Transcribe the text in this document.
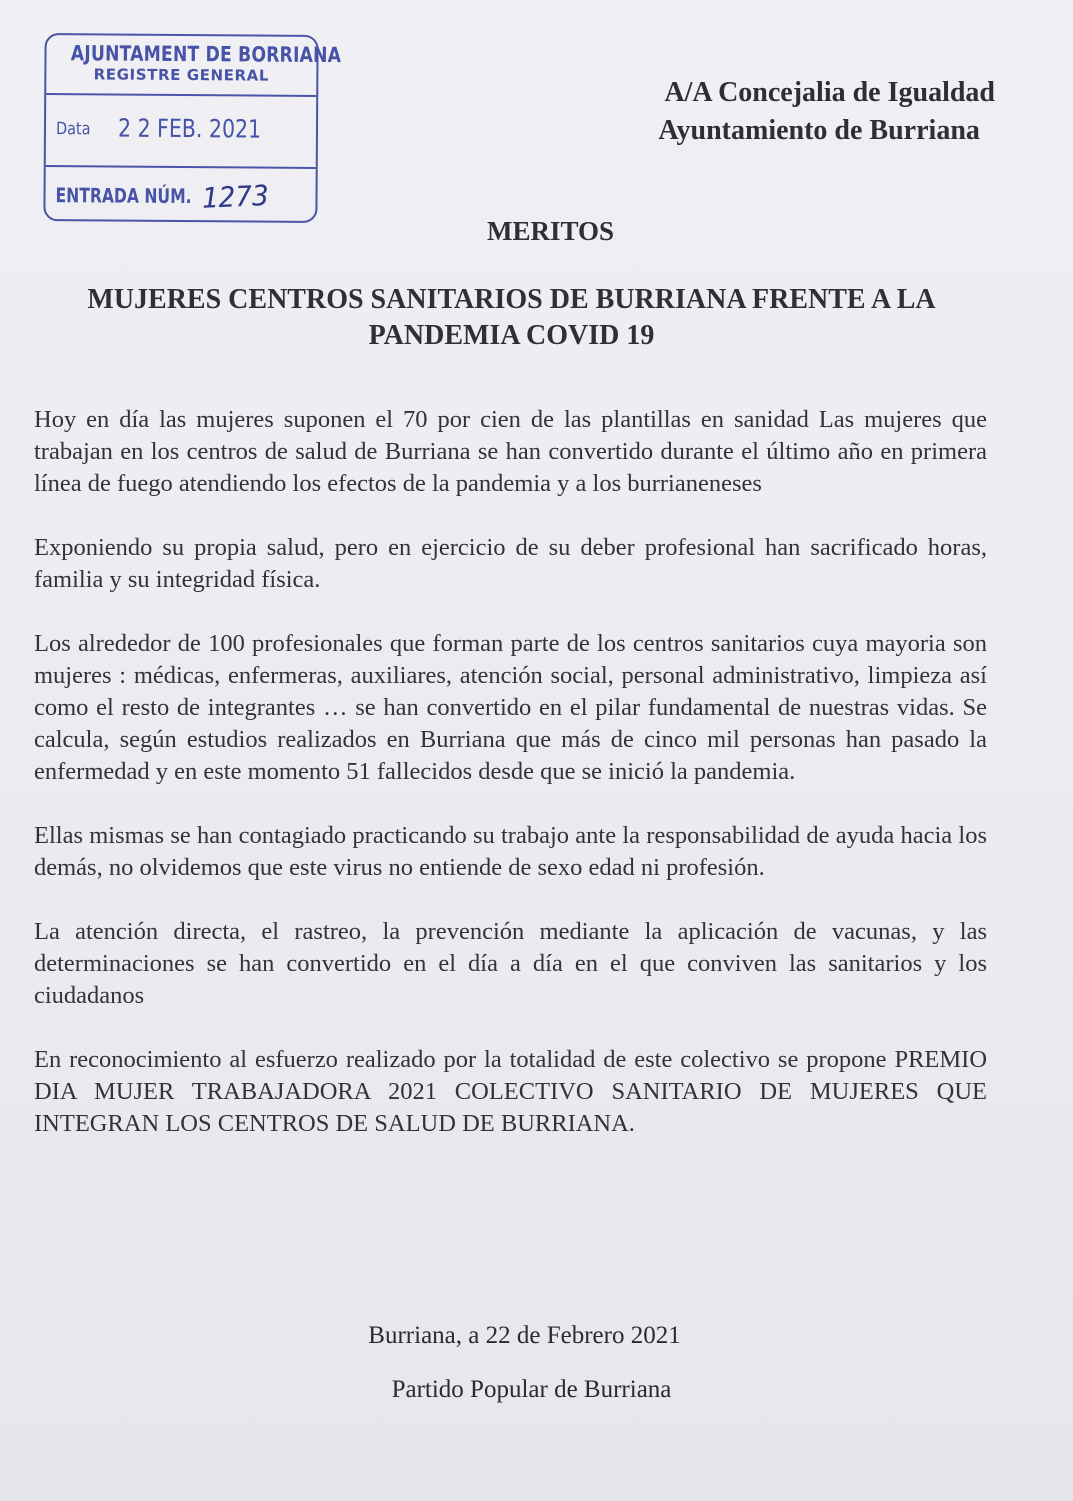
AJUNTAMENT DE BORRIANA
REGISTRE GENERAL
Data 2 2 FEB. 2021
ENTRADA NÚM. 1273
A/A Concejalia de Igualdad
Ayuntamiento de Burriana
MERITOS
MUJERES CENTROS SANITARIOS DE BURRIANA FRENTE A LA
PANDEMIA COVID 19

Hoy en día las mujeres suponen el 70 por cien de las plantillas en sanidad Las mujeres que trabajan en los centros de salud de Burriana se han convertido durante el último año en primera línea de fuego atendiendo los efectos de la pandemia y a los burrianeneses

Exponiendo su propia salud, pero en ejercicio de su deber profesional han sacrificado horas, familia y su integridad física.

Los alrededor de 100 profesionales que forman parte de los centros sanitarios cuya mayoria son mujeres : médicas, enfermeras, auxiliares, atención social, personal administrativo, limpieza así como el resto de integrantes … se han convertido en el pilar fundamental de nuestras vidas. Se calcula, según estudios realizados en Burriana que más de cinco mil personas han pasado la enfermedad y en este momento 51 fallecidos desde que se inició la pandemia.

Ellas mismas se han contagiado practicando su trabajo ante la responsabilidad de ayuda hacia los demás, no olvidemos que este virus no entiende de sexo edad ni profesión.

La atención directa, el rastreo, la prevención mediante la aplicación de vacunas, y las determinaciones se han convertido en el día a día en el que conviven las sanitarios y los ciudadanos

En reconocimiento al esfuerzo realizado por la totalidad de este colectivo se propone PREMIO DIA MUJER TRABAJADORA 2021 COLECTIVO SANITARIO DE MUJERES QUE INTEGRAN LOS CENTROS DE SALUD DE BURRIANA.

Burriana, a 22 de Febrero 2021
Partido Popular de Burriana
